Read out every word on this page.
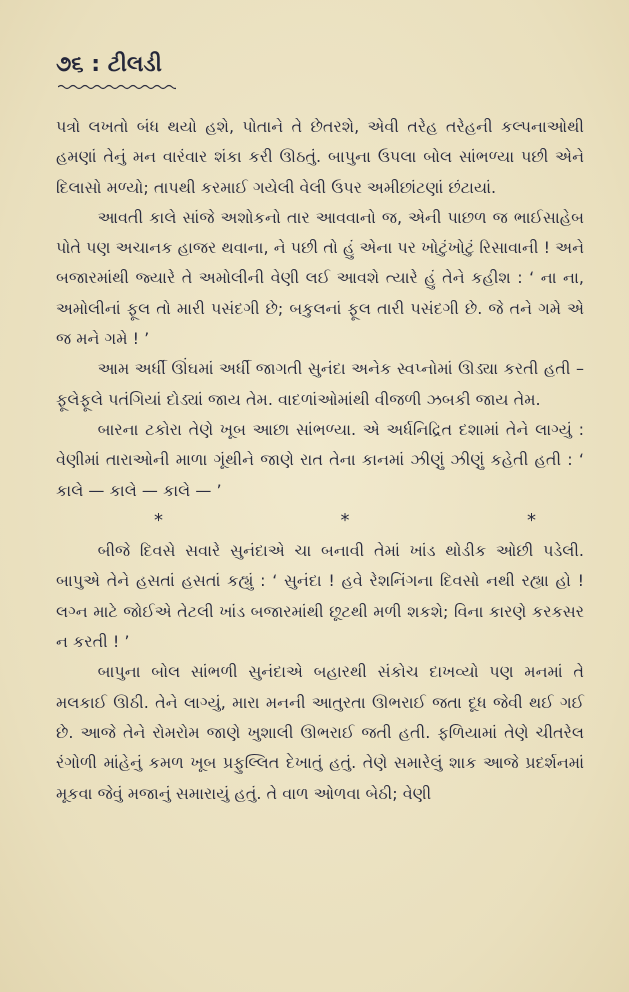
૭૬ : ટીલડી

પત્રો લખતો બંધ થયો હશે, પોતાને તે છેતરશે, એવી તરેહ તરેહની કલ્પનાઓથી હમણાં તેનું મન વારંવાર શંકા કરી ઊઠતું. બાપુના ઉપલા બોલ સાંભળ્યા પછી એને દિલાસો મળ્યો; તાપથી કરમાઈ ગયેલી વેલી ઉપર અમીછાંટણાં છંટાયાં.

આવતી કાલે સાંજે અશોકનો તાર આવવાનો જ, એની પાછળ જ ભાઈસાહેબ પોતે પણ અચાનક હાજર થવાના, ને પછી તો હું એના પર ખોટુંખોટું રિસાવાની ! અને બજારમાંથી જ્યારે તે અમોલીની વેણી લઈ આવશે ત્યારે હું તેને કહીશ : ‘ ના ના, અમોલીનાં ફૂલ તો મારી પસંદગી છે; બકુલનાં ફૂલ તારી પસંદગી છે. જે તને ગમે એ જ મને ગમે ! ’

આમ અર્ધી ઊંઘમાં અર્ધી જાગતી સુનંદા અનેક સ્વપ્નોમાં ઊડ્યા કરતી હતી – ફૂલેફૂલે પતંગિયાં દોડ્યાં જાય તેમ. વાદળાંઓમાંથી વીજળી ઝબકી જાય તેમ.

બારના ટકોરા તેણે ખૂબ આછા સાંભળ્યા. એ અર્ધનિદ્રિત દશામાં તેને લાગ્યું : વેણીમાં તારાઓની માળા ગૂંથીને જાણે રાત તેના કાનમાં ઝીણું ઝીણું કહેતી હતી : ‘ કાલે — કાલે — કાલે — ’

*	*	*

બીજે દિવસે સવારે સુનંદાએ ચા બનાવી તેમાં ખાંડ થોડીક ઓછી પડેલી. બાપુએ તેને હસતાં હસતાં કહ્યું : ‘ સુનંદા ! હવે રેશનિંગના દિવસો નથી રહ્યા હો ! લગ્ન માટે જોઈએ તેટલી ખાંડ બજારમાંથી છૂટથી મળી શકશે; વિના કારણે કરકસર ન કરતી ! ’

બાપુના બોલ સાંભળી સુનંદાએ બહારથી સંકોચ દાખવ્યો પણ મનમાં તે મલકાઈ ઊઠી. તેને લાગ્યું, મારા મનની આતુરતા ઊભરાઈ જતા દૂધ જેવી થઈ ગઈ છે. આજે તેને રોમરોમ જાણે ખુશાલી ઊભરાઈ જતી હતી. ફળિયામાં તેણે ચીતરેલ રંગોળી માંહેનું કમળ ખૂબ પ્રફુલ્લિત દેખાતું હતું. તેણે સમારેલું શાક આજે પ્રદર્શનમાં મૂકવા જેવું મજાનું સમારાયું હતું. તે વાળ ઓળવા બેઠી; વેણી
